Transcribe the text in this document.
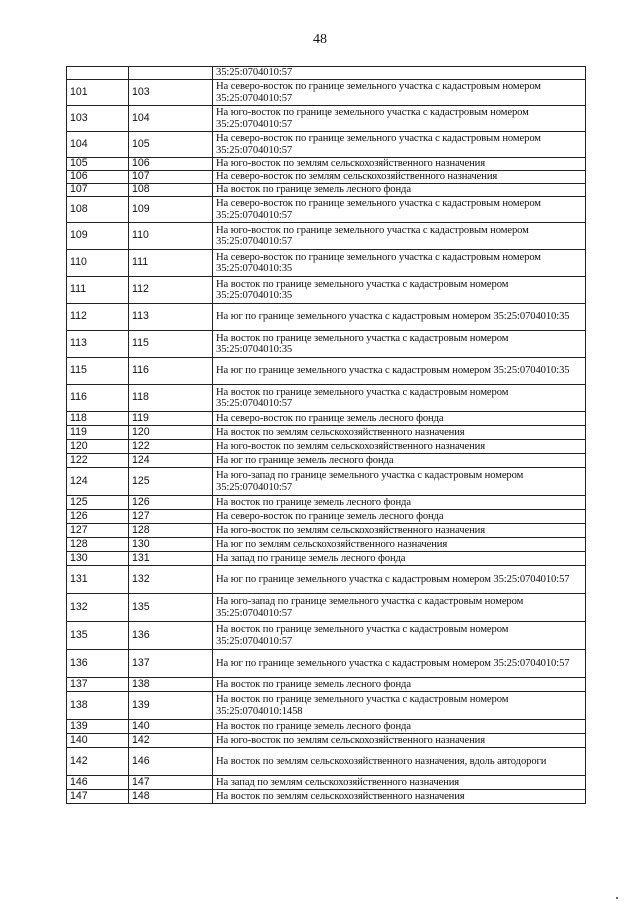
48
		35:25:0704010:57
101	103	На северо-восток по границе земельного участка с кадастровым номером 35:25:0704010:57
103	104	На юго-восток по границе земельного участка с кадастровым номером 35:25:0704010:57
104	105	На северо-восток по границе земельного участка с кадастровым номером 35:25:0704010:57
105	106	На юго-восток по землям сельскохозяйственного назначения
106	107	На северо-восток по землям сельскохозяйственного назначения
107	108	На восток по границе земель лесного фонда
108	109	На северо-восток по границе земельного участка с кадастровым номером 35:25:0704010:57
109	110	На юго-восток по границе земельного участка с кадастровым номером 35:25:0704010:57
110	111	На северо-восток по границе земельного участка с кадастровым номером 35:25:0704010:35
111	112	На восток по границе земельного участка с кадастровым номером 35:25:0704010:35
112	113	На юг по границе земельного участка с кадастровым номером 35:25:0704010:35
113	115	На восток по границе земельного участка с кадастровым номером 35:25:0704010:35
115	116	На юг по границе земельного участка с кадастровым номером 35:25:0704010:35
116	118	На восток по границе земельного участка с кадастровым номером 35:25:0704010:57
118	119	На северо-восток по границе земель лесного фонда
119	120	На восток по землям сельскохозяйственного назначения
120	122	На юго-восток по землям сельскохозяйственного назначения
122	124	На юг по границе земель лесного фонда
124	125	На юго-запад по границе земельного участка с кадастровым номером 35:25:0704010:57
125	126	На восток по границе земель лесного фонда
126	127	На северо-восток по границе земель лесного фонда
127	128	На юго-восток по землям сельскохозяйственного назначения
128	130	На юг по землям сельскохозяйственного назначения
130	131	На запад по границе земель лесного фонда
131	132	На юг по границе земельного участка с кадастровым номером 35:25:0704010:57
132	135	На юго-запад по границе земельного участка с кадастровым номером 35:25:0704010:57
135	136	На восток по границе земельного участка с кадастровым номером 35:25:0704010:57
136	137	На юг по границе земельного участка с кадастровым номером 35:25:0704010:57
137	138	На восток по границе земель лесного фонда
138	139	На восток по границе земельного участка с кадастровым номером 35:25:0704010:1458
139	140	На восток по границе земель лесного фонда
140	142	На юго-восток по землям сельскохозяйственного назначения
142	146	На восток по землям сельскохозяйственного назначения, вдоль автодороги
146	147	На запад по землям сельскохозяйственного назначения
147	148	На восток по землям сельскохозяйственного назначения
